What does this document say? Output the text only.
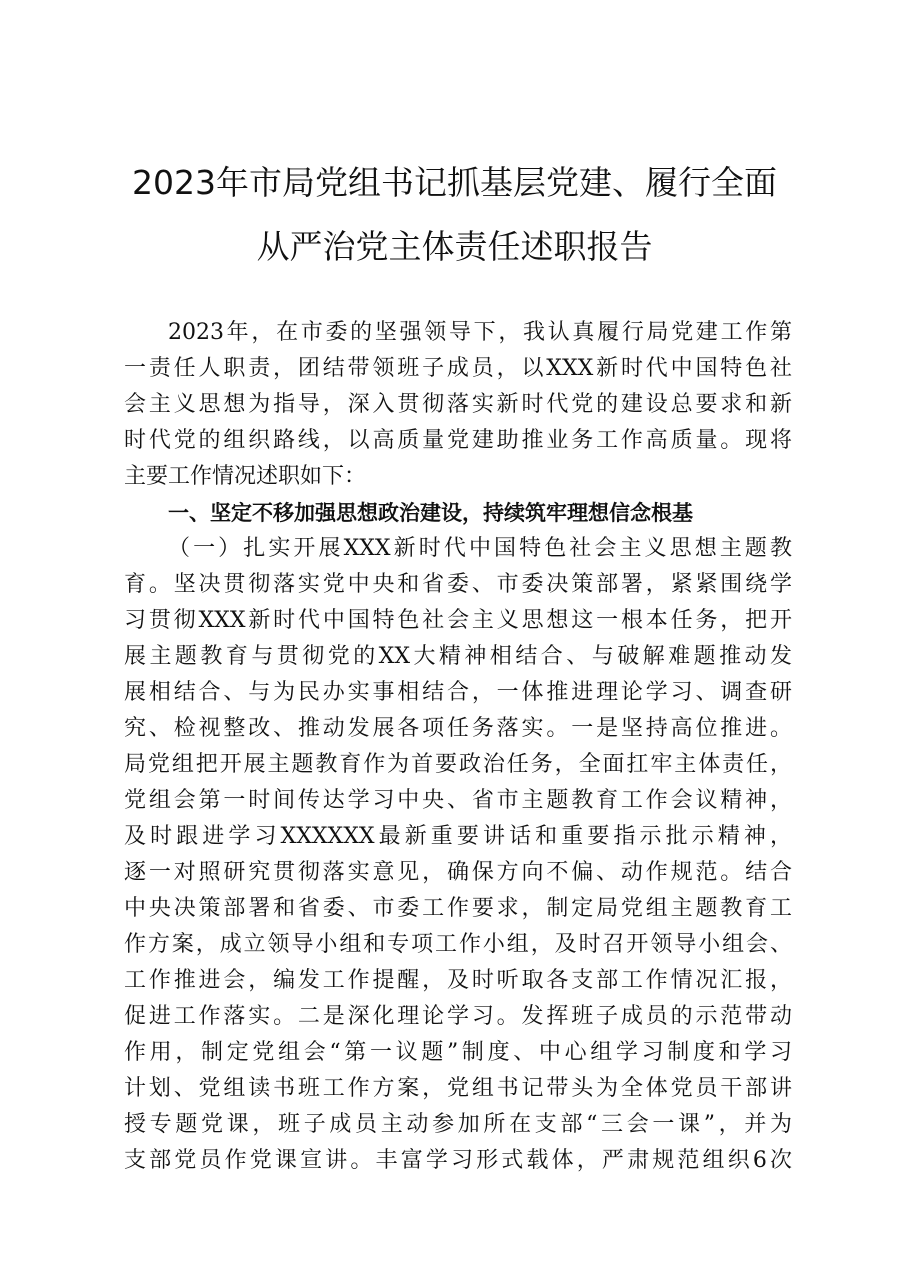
2023年市局党组书记抓基层党建、履行全面
从严治党主体责任述职报告
2023年，在市委的坚强领导下，我认真履行局党建工作第
一责任人职责，团结带领班子成员，以XXX新时代中国特色社
会主义思想为指导，深入贯彻落实新时代党的建设总要求和新
时代党的组织路线，以高质量党建助推业务工作高质量。现将
主要工作情况述职如下：
一、坚定不移加强思想政治建设，持续筑牢理想信念根基
（一）扎实开展XXX新时代中国特色社会主义思想主题教
育。坚决贯彻落实党中央和省委、市委决策部署，紧紧围绕学
习贯彻XXX新时代中国特色社会主义思想这一根本任务，把开
展主题教育与贯彻党的XX大精神相结合、与破解难题推动发
展相结合、与为民办实事相结合，一体推进理论学习、调查研
究、检视整改、推动发展各项任务落实。一是坚持高位推进。
局党组把开展主题教育作为首要政治任务，全面扛牢主体责任，
党组会第一时间传达学习中央、省市主题教育工作会议精神，
及时跟进学习XXXXXX最新重要讲话和重要指示批示精神，
逐一对照研究贯彻落实意见，确保方向不偏、动作规范。结合
中央决策部署和省委、市委工作要求，制定局党组主题教育工
作方案，成立领导小组和专项工作小组，及时召开领导小组会、
工作推进会，编发工作提醒，及时听取各支部工作情况汇报，
促进工作落实。二是深化理论学习。发挥班子成员的示范带动
作用，制定党组会“第一议题”制度、中心组学习制度和学习
计划、党组读书班工作方案，党组书记带头为全体党员干部讲
授专题党课，班子成员主动参加所在支部“三会一课”，并为
支部党员作党课宣讲。丰富学习形式载体，严肃规范组织6次
